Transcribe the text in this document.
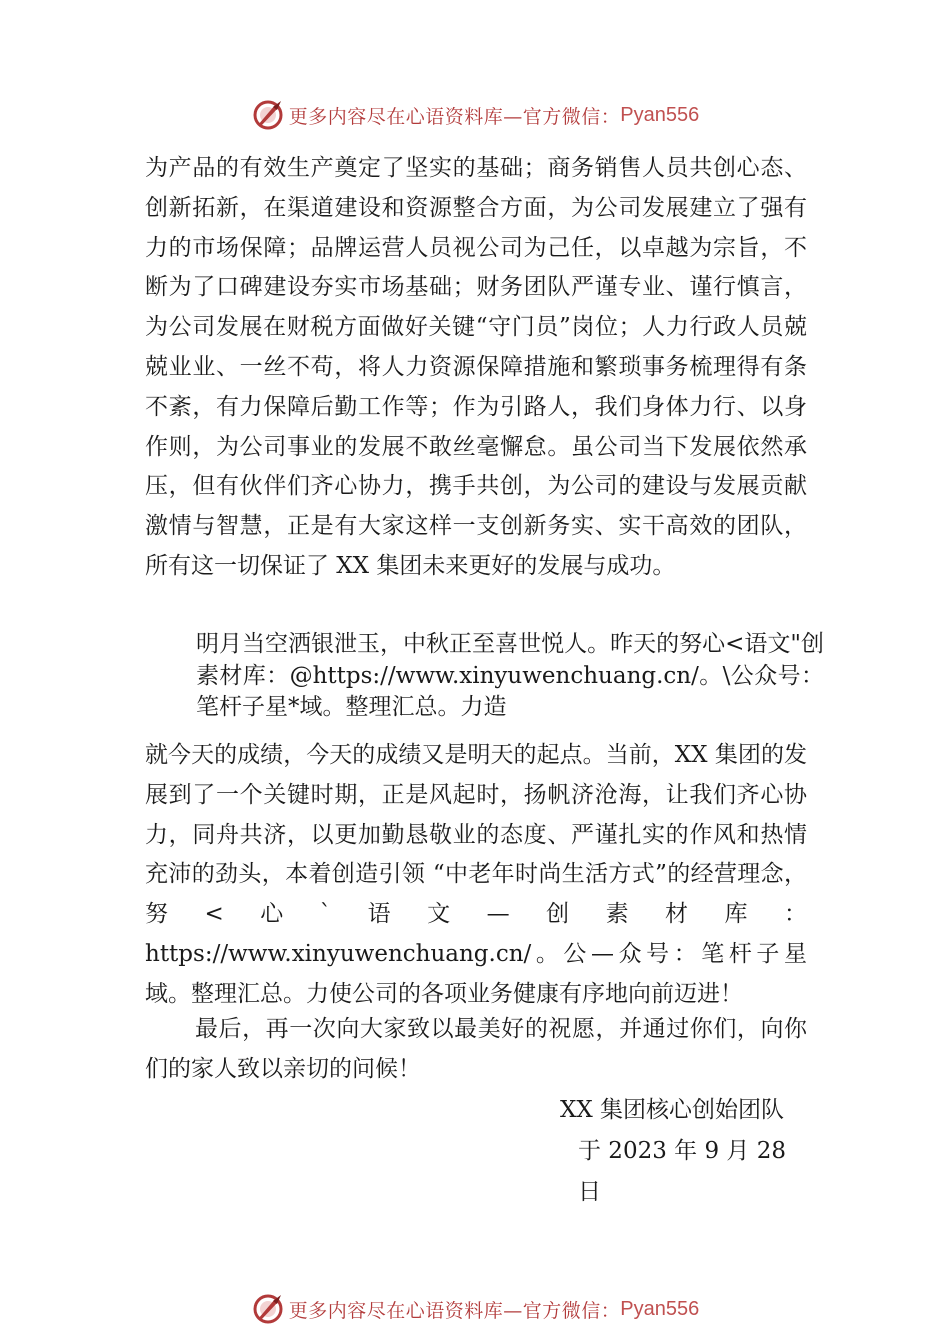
更多内容尽在心语资料库—官方微信： Pyan556

为产品的有效生产奠定了坚实的基础；商务销售人员共创心态、创新拓新，在渠道建设和资源整合方面，为公司发展建立了强有力的市场保障；品牌运营人员视公司为己任，以卓越为宗旨，不断为了口碑建设夯实市场基础；财务团队严谨专业、谨行慎言，为公司发展在财税方面做好关键“守门员”岗位；人力行政人员兢兢业业、一丝不苟，将人力资源保障措施和繁琐事务梳理得有条不紊，有力保障后勤工作等；作为引路人，我们身体力行、以身作则，为公司事业的发展不敢丝毫懈怠。虽公司当下发展依然承压，但有伙伴们齐心协力，携手共创，为公司的建设与发展贡献激情与智慧，正是有大家这样一支创新务实、实干高效的团队，所有这一切保证了 XX 集团未来更好的发展与成功。

明月当空洒银泄玉，中秋正至喜世悦人。昨天的努心<语文"创素材库：@https://www.xinyuwenchuang.cn/。\公众号：笔杆子星*域。整理汇总。力造

就今天的成绩，今天的成绩又是明天的起点。当前，XX 集团的发展到了一个关键时期，正是风起时，扬帆济沧海，让我们齐心协力，同舟共济，以更加勤恳敬业的态度、严谨扎实的作风和热情充沛的劲头，本着创造引领 “中老年时尚生活方式”的经营理念，努<心`语文—创素材库：https://www.xinyuwenchuang.cn/。公—众号：笔杆子星域。整理汇总。力使公司的各项业务健康有序地向前迈进！

最后，再一次向大家致以最美好的祝愿，并通过你们，向你们的家人致以亲切的问候！

XX 集团核心创始团队

于 2023 年 9 月 28

日

更多内容尽在心语资料库—官方微信： Pyan556
